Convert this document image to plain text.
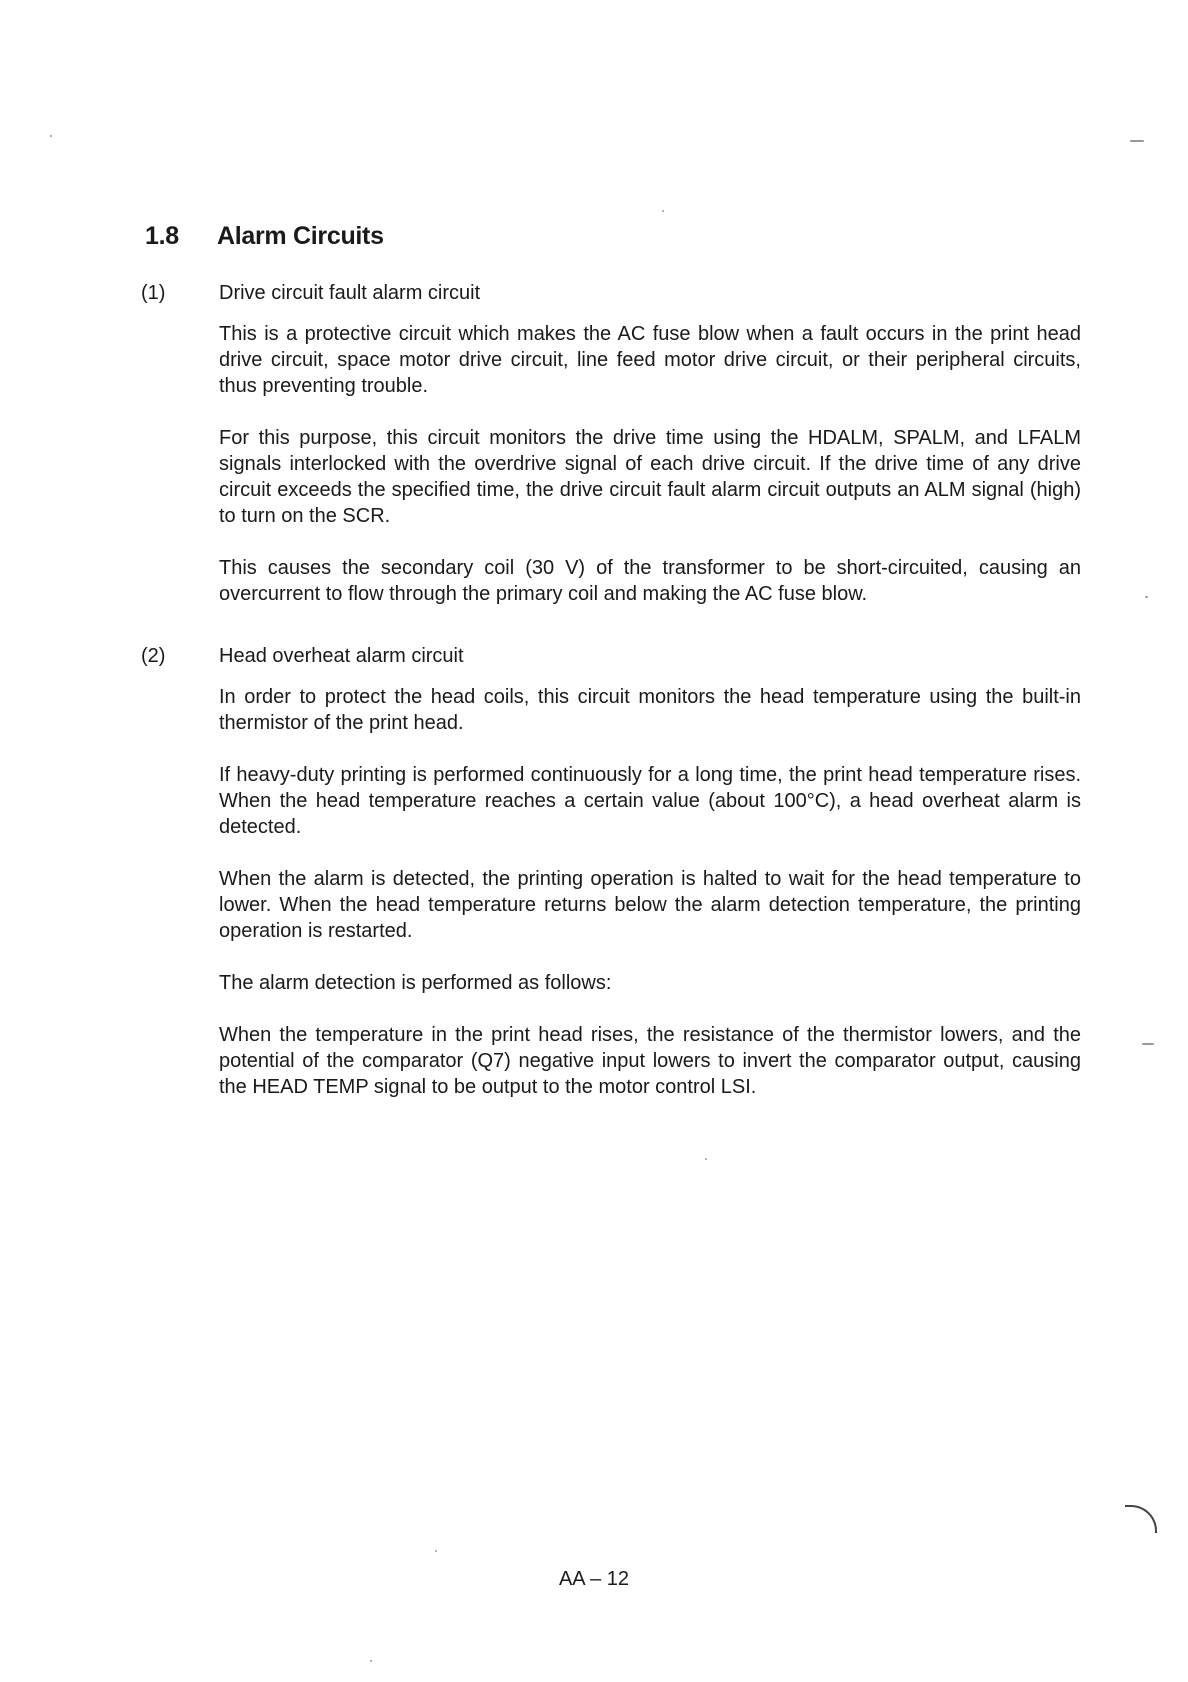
1.8 Alarm Circuits
(1)	Drive circuit fault alarm circuit

This is a protective circuit which makes the AC fuse blow when a fault occurs in the print head drive circuit, space motor drive circuit, line feed motor drive circuit, or their peripheral circuits, thus preventing trouble.

For this purpose, this circuit monitors the drive time using the HDALM, SPALM, and LFALM signals interlocked with the overdrive signal of each drive circuit. If the drive time of any drive circuit exceeds the specified time, the drive circuit fault alarm circuit outputs an ALM signal (high) to turn on the SCR.

This causes the secondary coil (30 V) of the transformer to be short-circuited, causing an overcurrent to flow through the primary coil and making the AC fuse blow.

(2)	Head overheat alarm circuit

In order to protect the head coils, this circuit monitors the head temperature using the built-in thermistor of the print head.

If heavy-duty printing is performed continuously for a long time, the print head temperature rises. When the head temperature reaches a certain value (about 100°C), a head overheat alarm is detected.

When the alarm is detected, the printing operation is halted to wait for the head temperature to lower. When the head temperature returns below the alarm detection temperature, the printing operation is restarted.

The alarm detection is performed as follows:

When the temperature in the print head rises, the resistance of the thermistor lowers, and the potential of the comparator (Q7) negative input lowers to invert the comparator output, causing the HEAD TEMP signal to be output to the motor control LSI.

AA – 12
